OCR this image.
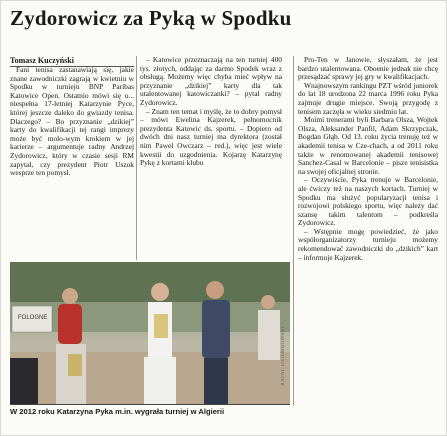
Zydorowicz za Pyką w Spodku
Tomasz Kuczyński

Fani tenisa zastanawiają się, jakie znane zawodniczki zagrają w kwietniu w Spodku w turnieju BNP Paribas Katowice Open. Ostatnio mówi się o... niespełna 17-letniej Katarzynie Pyce, której jeszcze daleko do gwiazdy tenisa. Dlaczego? – Bo przyznanie „dzikiej” karty do kwalifikacji tej rangi imprezy może być molo-wym krokiem w jej karierze – argumentuje radny Andrzej Zydorowicz, który w czasie sesji RM zapytał, czy prezydent Piotr Uszok wesprze ten pomysł.

– Katowice przeznaczają na ten turniej 400 tys. złotych, oddając za darmo Spodek wraz z obsługą. Możemy więc chyba mieć wpływ na przyznanie „dzikiej” karty dla tak utalentowanej katowiczanki? – pytał radny Zydorowicz.

– Znam ten temat i myślę, że to dobry pomysł – mówi Ewelina Kajzerek, pełnomocnik prezydenta Katowic ds. sportu. – Dopiero od dwóch dni nasz turniej ma dyrektora (został nim Paweł Owczarz – red.), więc jest wiele kwestii do uzgodnienia. Kojarzę Katarzynę Pykę z kortami klubu

Pro-Ten w Janowie, słyszałam, że jest bardzo utalentowana. Oboenie jednak nie chcę przesądzać sprawy jej gry w kwalifikacjach.

Wnajnowszym rankingu PZT wśród juniorek do lat 18 urodzona 22 marca 1996 roku Pyka zajmuje drugie miejsce. Swoją przygodę z tenisem zaczęła w wieku siedmiu lat.

Moimi trenerami byli Barbara Olsza, Wojtek Olsza, Aleksander Panfil, Adam Skrzypczak, Bogdan Głąb. Od 13. roku życia trenuję też w akademii tenisa w Cze-chach, a od 2011 roku także w renomowanej akademii tenisowej Sanchez-Casal w Barcelonie – pisze tenisistka na swojej oficjalnej stronie.

– Oczywiście, Pyka trenuje w Barcelonie, ale ćwiczy też na naszych kortach. Turniej w Spodku ma służyć popularyzacji tenisa i rozwojowi polskiego sportu, więc należy dać szansę takim talentom – podkreśla Zydorowicz.

– Wstępnie mogę powiedzieć, że jako współorganizatorzy turnieju możemy rekomendować zawodniczki do „dzikich” kart – informuje Kajzerek.

FOLOGNE
RAFAŁ DZIEMBOWSKI
W 2012 roku Katarzyna Pyka m.in. wygrała turniej w Algierii
